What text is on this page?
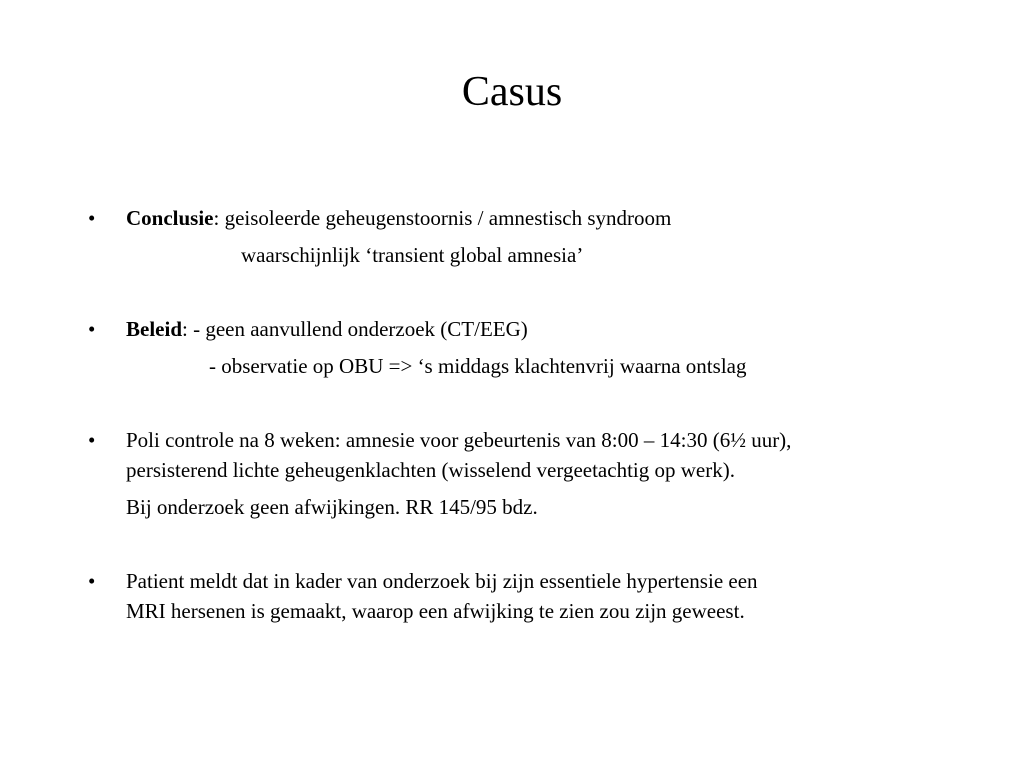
Casus
• Conclusie: geisoleerde geheugenstoornis / amnestisch syndroom
waarschijnlijk ‘transient global amnesia’
• Beleid: - geen aanvullend onderzoek (CT/EEG)
- observatie op OBU => ‘s middags klachtenvrij waarna ontslag
• Poli controle na 8 weken: amnesie voor gebeurtenis van 8:00 – 14:30 (6½ uur),
persisterend lichte geheugenklachten (wisselend vergeetachtig op werk).
Bij onderzoek geen afwijkingen. RR 145/95 bdz.
• Patient meldt dat in kader van onderzoek bij zijn essentiele hypertensie een
MRI hersenen is gemaakt, waarop een afwijking te zien zou zijn geweest.
